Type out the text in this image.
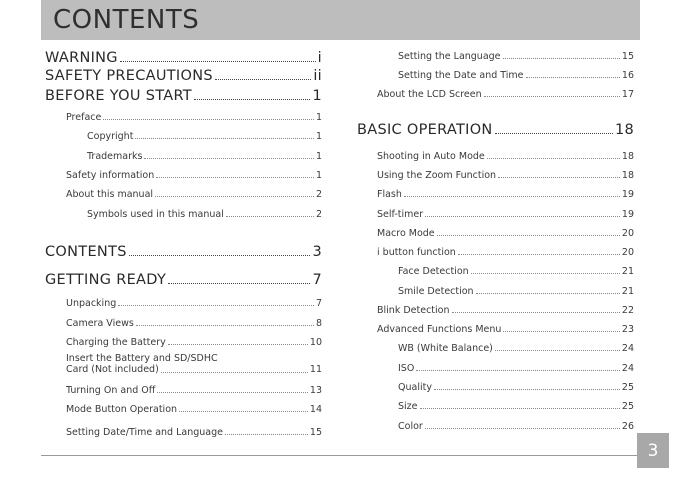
CONTENTS
WARNING	i
SAFETY PRECAUTIONS	ii
BEFORE YOU START	1
Preface	1
Copyright	1
Trademarks	1
Safety information	1
About this manual	2
Symbols used in this manual	2
CONTENTS	3
GETTING READY	7
Unpacking	7
Camera Views	8
Charging the Battery	10
Insert the Battery and SD/SDHC
Card (Not included)	11
Turning On and Off	13
Mode Button Operation	14
Setting Date/Time and Language	15
Setting the Language	15
Setting the Date and Time	16
About the LCD Screen	17
BASIC OPERATION	18
Shooting in Auto Mode	18
Using the Zoom Function	18
Flash	19
Self-timer	19
Macro Mode	20
i button function	20
Face Detection	21
Smile Detection	21
Blink Detection	22
Advanced Functions Menu	23
WB (White Balance)	24
ISO	24
Quality	25
Size	25
Color	26
3
